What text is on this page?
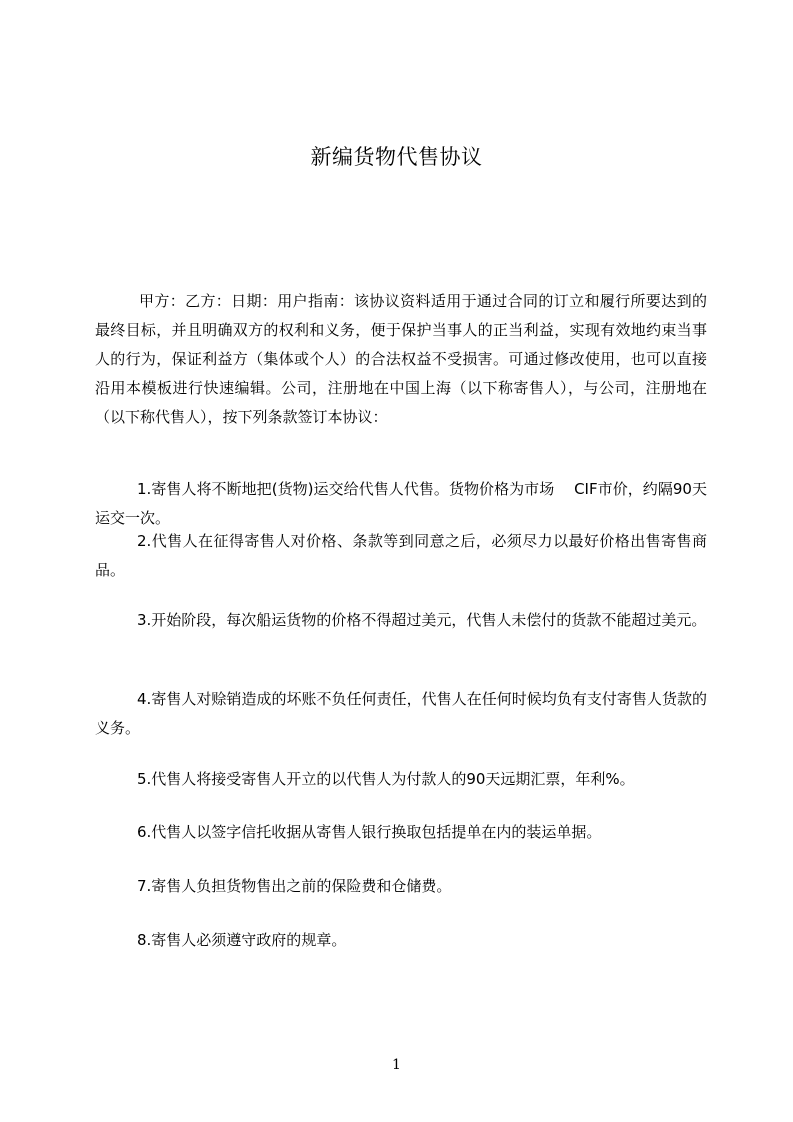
新编货物代售协议

甲方：乙方：日期：用户指南：该协议资料适用于通过合同的订立和履行所要达到的最终目标，并且明确双方的权利和义务，便于保护当事人的正当利益，实现有效地约束当事人的行为，保证利益方（集体或个人）的合法权益不受损害。可通过修改使用，也可以直接沿用本模板进行快速编辑。公司，注册地在中国上海（以下称寄售人），与公司，注册地在（以下称代售人），按下列条款签订本协议：

1.寄售人将不断地把(货物)运交给代售人代售。货物价格为市场　 CIF市价，约隔90天运交一次。

2.代售人在征得寄售人对价格、条款等到同意之后，必须尽力以最好价格出售寄售商品。

3.开始阶段，每次船运货物的价格不得超过美元，代售人未偿付的货款不能超过美元。

4.寄售人对赊销造成的坏账不负任何责任，代售人在任何时候均负有支付寄售人货款的义务。

5.代售人将接受寄售人开立的以代售人为付款人的90天远期汇票，年利%。

6.代售人以签字信托收据从寄售人银行换取包括提单在内的装运单据。

7.寄售人负担货物售出之前的保险费和仓储费。

8.寄售人必须遵守政府的规章。

1
